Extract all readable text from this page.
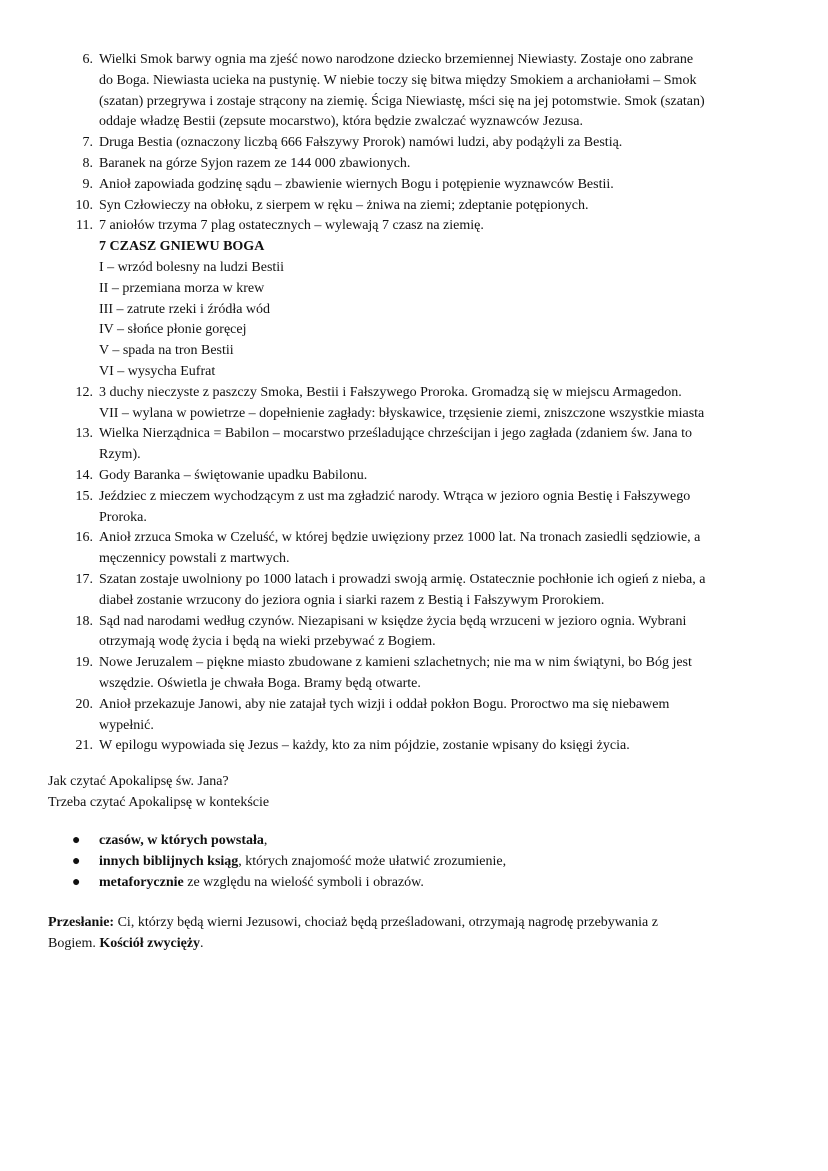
6. Wielki Smok barwy ognia ma zjeść nowo narodzone dziecko brzemiennej Niewiasty. Zostaje ono zabrane
do Boga. Niewiasta ucieka na pustynię. W niebie toczy się bitwa między Smokiem a archaniołami – Smok
(szatan) przegrywa i zostaje strącony na ziemię. Ściga Niewiastę, mści się na jej potomstwie. Smok (szatan)
oddaje władzę Bestii (zepsute mocarstwo), która będzie zwalczać wyznawców Jezusa.
7. Druga Bestia (oznaczony liczbą 666 Fałszywy Prorok) namówi ludzi, aby podążyli za Bestią.
8. Baranek na górze Syjon razem ze 144 000 zbawionych.
9. Anioł zapowiada godzinę sądu – zbawienie wiernych Bogu i potępienie wyznawców Bestii.
10. Syn Człowieczy na obłoku, z sierpem w ręku – żniwa na ziemi; zdeptanie potępionych.
11. 7 aniołów trzyma 7 plag ostatecznych – wylewają 7 czasz na ziemię.
7 CZASZ GNIEWU BOGA
I – wrzód bolesny na ludzi Bestii
II – przemiana morza w krew
III – zatrute rzeki i źródła wód
IV – słońce płonie goręcej
V – spada na tron Bestii
VI – wysycha Eufrat
12. 3 duchy nieczyste z paszczy Smoka, Bestii i Fałszywego Proroka. Gromadzą się w miejscu Armagedon.
VII – wylana w powietrze – dopełnienie zagłady: błyskawice, trzęsienie ziemi, zniszczone wszystkie miasta
13. Wielka Nierządnica = Babilon – mocarstwo prześladujące chrześcijan i jego zagłada (zdaniem św. Jana to
Rzym).
14. Gody Baranka – świętowanie upadku Babilonu.
15. Jeździec z mieczem wychodzącym z ust ma zgładzić narody. Wtrąca w jezioro ognia Bestię i Fałszywego
Proroka.
16. Anioł zrzuca Smoka w Czeluść, w której będzie uwięziony przez 1000 lat. Na tronach zasiedli sędziowie, a
męczennicy powstali z martwych.
17. Szatan zostaje uwolniony po 1000 latach i prowadzi swoją armię. Ostatecznie pochłonie ich ogień z nieba, a
diabeł zostanie wrzucony do jeziora ognia i siarki razem z Bestią i Fałszywym Prorokiem.
18. Sąd nad narodami według czynów. Niezapisani w księdze życia będą wrzuceni w jezioro ognia. Wybrani
otrzymają wodę życia i będą na wieki przebywać z Bogiem.
19. Nowe Jeruzalem – piękne miasto zbudowane z kamieni szlachetnych; nie ma w nim świątyni, bo Bóg jest
wszędzie. Oświetla je chwała Boga. Bramy będą otwarte.
20. Anioł przekazuje Janowi, aby nie zatajał tych wizji i oddał pokłon Bogu. Proroctwo ma się niebawem
wypełnić.
21. W epilogu wypowiada się Jezus – każdy, kto za nim pójdzie, zostanie wpisany do księgi życia.
Jak czytać Apokalipsę św. Jana?
Trzeba czytać Apokalipsę w kontekście
●	czasów, w których powstała,
●	innych biblijnych ksiąg, których znajomość może ułatwić zrozumienie,
●	metaforycznie ze względu na wielość symboli i obrazów.
Przesłanie: Ci, którzy będą wierni Jezusowi, chociaż będą prześladowani, otrzymają nagrodę przebywania z
Bogiem. Kościół zwycięży.
